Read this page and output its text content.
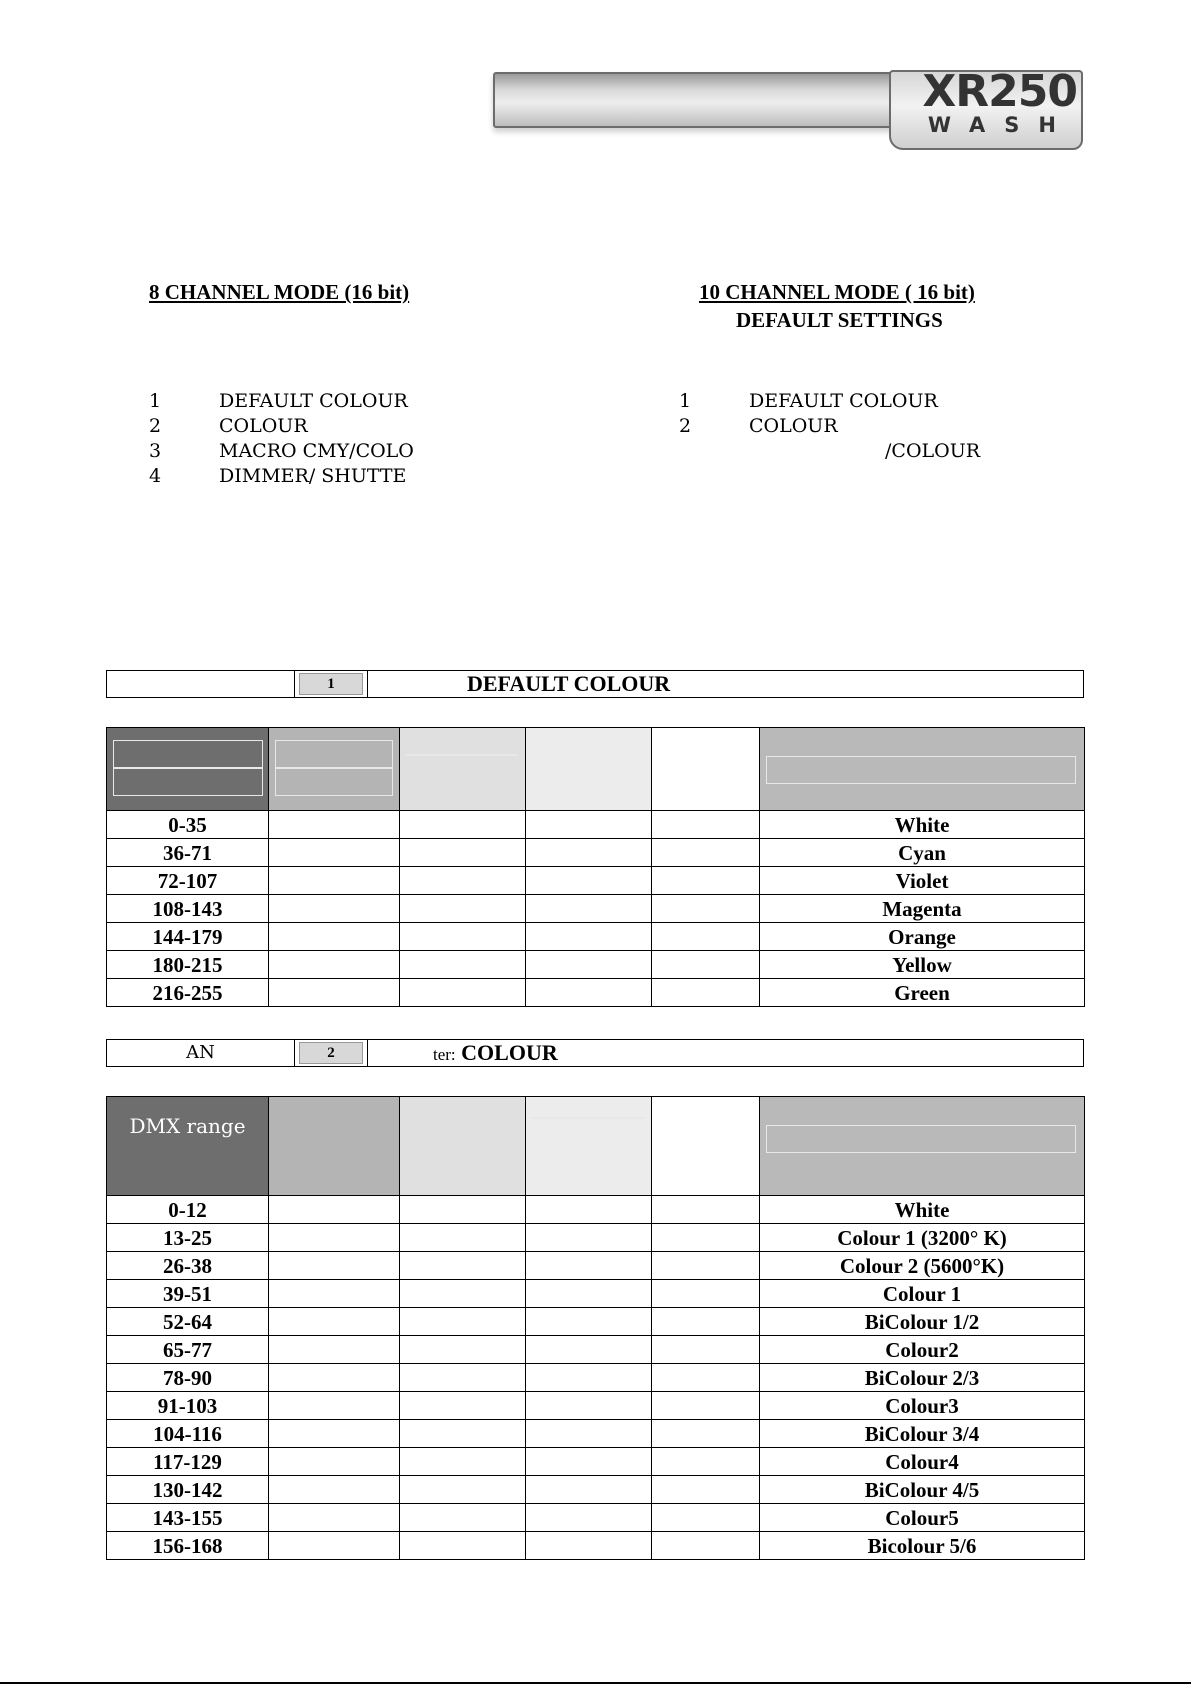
XR250
WASH
8 CHANNEL MODE (16 bit)	10 CHANNEL MODE ( 16 bit)
DEFAULT SETTINGS
1	DEFAULT COLOUR
2	COLOUR
3	MACRO CMY/COLO
4	DIMMER/ SHUTTE
1	DEFAULT COLOUR
2	COLOUR
/COLOUR
1	DEFAULT COLOUR

0-35					White
36-71					Cyan
72-107					Violet
108-143					Magenta
144-179					Orange
180-215					Yellow
216-255					Green
AN	2	ter: COLOUR
DMX range			

0-12					White
13-25					Colour 1 (3200° K)
26-38					Colour 2 (5600°K)
39-51					Colour 1
52-64					BiColour 1/2
65-77					Colour2
78-90					BiColour 2/3
91-103					Colour3
104-116					BiColour 3/4
117-129					Colour4
130-142					BiColour 4/5
143-155					Colour5
156-168					Bicolour 5/6
